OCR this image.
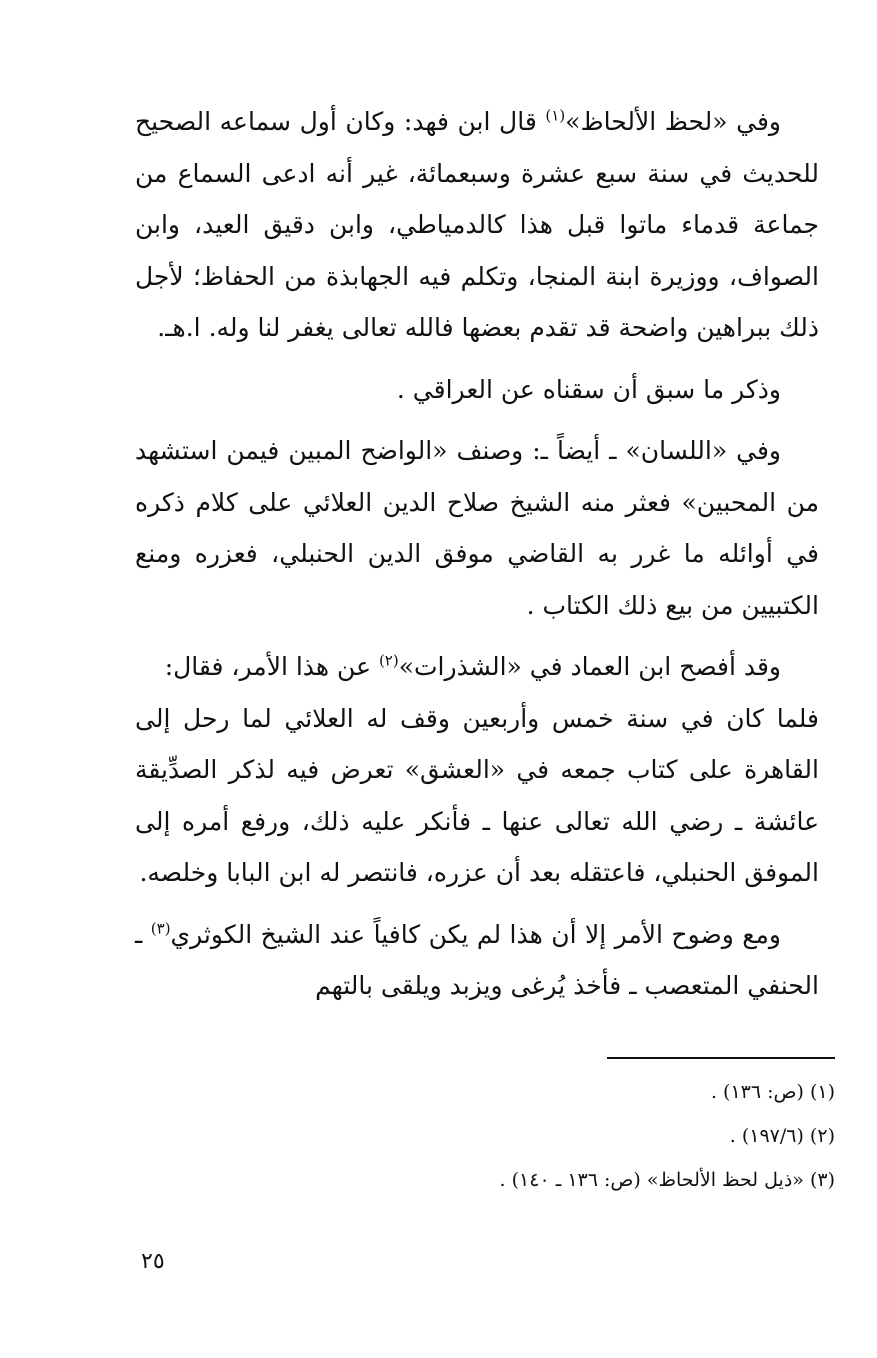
وفي «لحظ الألحاظ»$^{(١)}$ قال ابن فهد: وكان أول سماعه الصحيح للحديث في سنة سبع عشرة وسبعمائة، غير أنه ادعى السماع من جماعة قدماء ماتوا قبل هذا كالدمياطي، وابن دقيق العيد، وابن الصواف، ووزيرة ابنة المنجا، وتكلم فيه الجهابذة من الحفاظ؛ لأجل ذلك ببراهين واضحة قد تقدم بعضها فالله تعالى يغفر لنا وله. ا.هـ.

وذكر ما سبق أن سقناه عن العراقي .

وفي «اللسان» ـ أيضاً ـ: وصنف «الواضح المبين فيمن استشهد من المحبين» فعثر منه الشيخ صلاح الدين العلائي على كلام ذكره في أوائله ما غرر به القاضي موفق الدين الحنبلي، فعزره ومنع الكتبيين من بيع ذلك الكتاب .

وقد أفصح ابن العماد في «الشذرات»$^{(٢)}$ عن هذا الأمر، فقال:

فلما كان في سنة خمس وأربعين وقف له العلائي لما رحل إلى القاهرة على كتاب جمعه في «العشق» تعرض فيه لذكر الصدِّيقة عائشة ـ رضي الله تعالى عنها ـ فأنكر عليه ذلك، ورفع أمره إلى الموفق الحنبلي، فاعتقله بعد أن عزره، فانتصر له ابن البابا وخلصه.

ومع وضوح الأمر إلا أن هذا لم يكن كافياً عند الشيخ الكوثري$^{(٣)}$ ـ الحنفي المتعصب ـ فأخذ يُرغى ويزبد ويلقى بالتهم

(١) (ص: ١٣٦) .

(٢) (١٩٧/٦) .

(٣) «ذيل لحظ الألحاظ» (ص: ١٣٦ ـ ١٤٠) .

٢٥
